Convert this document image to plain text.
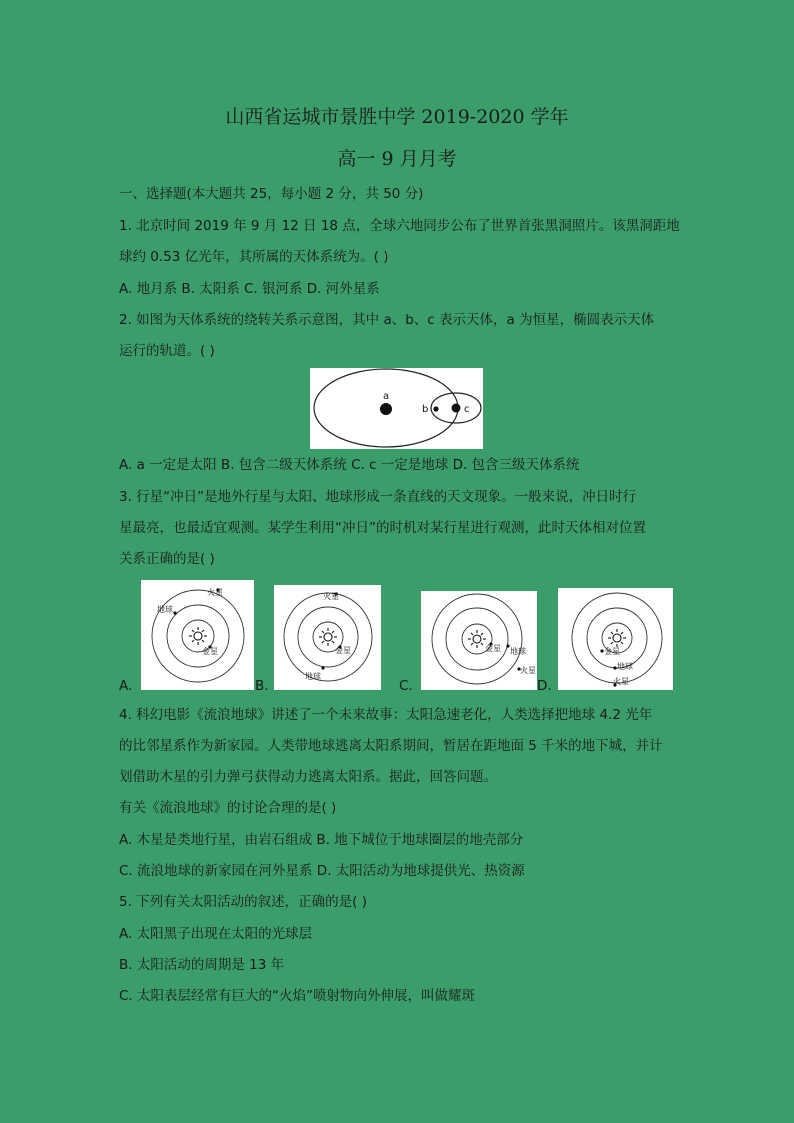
山西省运城市景胜中学 2019-2020 学年
高一 9 月月考
一、选择题(本大题共 25，每小题 2 分，共 50 分)
1. 北京时间 2019 年 9 月 12 日 18 点，全球六地同步公布了世界首张黑洞照片。该黑洞距地
球约 0.53 亿光年，其所属的天体系统为。( )
A. 地月系 B. 太阳系 C. 银河系 D. 河外星系
2. 如图为天体系统的绕转关系示意图，其中 a、b、c 表示天体，a 为恒星，椭圆表示天体
运行的轨道。( )
a
b	c
A. a 一定是太阳 B. 包含二级天体系统 C. c 一定是地球 D. 包含三级天体系统
3. 行星“冲日”是地外行星与太阳、地球形成一条直线的天文现象。一般来说，冲日时行
星最亮，也最适宜观测。某学生利用“冲日”的时机对某行星进行观测，此时天体相对位置
关系正确的是( )
A.
火星
地球
金星
B.
火星
金星
地球
C.
金星 地球
火星
D.
金星
地球
火星
4. 科幻电影《流浪地球》讲述了一个未来故事：太阳急速老化，人类选择把地球 4.2 光年
的比邻星系作为新家园。人类带地球逃离太阳系期间，暂居在距地面 5 千米的地下城，并计
划借助木星的引力弹弓获得动力逃离太阳系。据此，回答问题。
有关《流浪地球》的讨论合理的是( )
A. 木星是类地行星，由岩石组成 B. 地下城位于地球圈层的地壳部分
C. 流浪地球的新家园在河外星系 D. 太阳活动为地球提供光、热资源
5. 下列有关太阳活动的叙述，正确的是( )
A. 太阳黑子出现在太阳的光球层
B. 太阳活动的周期是 13 年
C. 太阳表层经常有巨大的“火焰”喷射物向外伸展，叫做耀斑
